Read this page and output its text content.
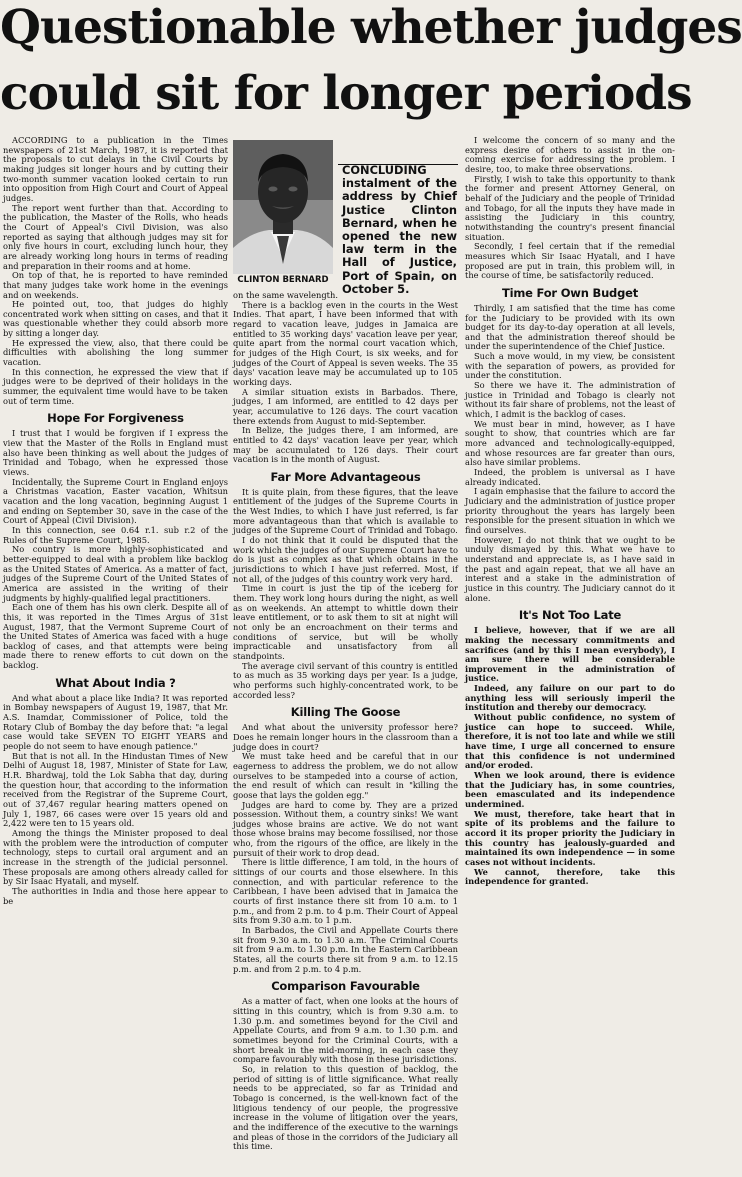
Questionable whether judges
could sit for longer periods

ACCORDING to a publication in the Times newspapers of 21st March, 1987, it is reported that the proposals to cut delays in the Civil Courts by making judges sit longer hours and by cutting their two-month summer vacation looked certain to run into opposition from High Court and Court of Appeal judges.

The report went further than that. According to the publication, the Master of the Rolls, who heads the Court of Appeal's Civil Division, was also reported as saying that although judges may sit for only five hours in court, excluding lunch hour, they are already working long hours in terms of reading and preparation in their rooms and at home.

On top of that, he is reported to have reminded that many judges take work home in the evenings and on weekends.

He pointed out, too, that judges do highly concentrated work when sitting on cases, and that it was questionable whether they could absorb more by sitting a longer day.

He expressed the view, also, that there could be difficulties with abolishing the long summer vacation.

In this connection, he expressed the view that if judges were to be deprived of their holidays in the summer, the equivalent time would have to be taken out of term time.

Hope For Forgiveness

I trust that I would be forgiven if I express the view that the Master of the Rolls in England must also have been thinking as well about the judges of Trinidad and Tobago, when he expressed those views.

Incidentally, the Supreme Court in England enjoys a Christmas vacation, Easter vacation, Whitsun vacation and the long vacation, beginning August 1 and ending on September 30, save in the case of the Court of Appeal (Civil Division).

In this connection, see 0.64 r.1. sub r.2 of the Rules of the Supreme Court, 1985.

No country is more highly-sophisticated and better-equipped to deal with a problem like backlog as the United States of America. As a matter of fact, judges of the Supreme Court of the United States of America are assisted in the writing of their judgments by highly-qualified legal practitioners.

Each one of them has his own clerk. Despite all of this, it was reported in the Times Argus of 31st August, 1987, that the Vermont Supreme Court of the United States of America was faced with a huge backlog of cases, and that attempts were being made there to renew efforts to cut down on the backlog.

What About India ?

And what about a place like India? It was reported in Bombay newspapers of August 19, 1987, that Mr. A.S. Inamdar, Commissioner of Police, told the Rotary Club of Bombay the day before that: "a legal case would take SEVEN TO EIGHT YEARS and people do not seem to have enough patience."

But that is not all. In the Hindustan Times of New Delhi of August 18, 1987, Minister of State for Law, H.R. Bhardwaj, told the Lok Sabha that day, during the question hour, that according to the information received from the Registrar of the Supreme Court, out of 37,467 regular hearing matters opened on July 1, 1987, 66 cases were over 15 years old and 2,422 were ten to 15 years old.

Among the things the Minister proposed to deal with the problem were the introduction of computer technology, steps to curtail oral argument and an increase in the strength of the judicial personnel. These proposals are among others already called for by Sir Isaac Hyatali, and myself.

The authorities in India and those here appear to be

CLINTON BERNARD
CONCLUDING instalment of the address by Chief Justice Clinton Bernard, when he opened the new law term in the Hall of Justice, Port of Spain, on October 5.

on the same wavelength.

There is a backlog even in the courts in the West Indies. That apart, I have been informed that with regard to vacation leave, judges in Jamaica are entitled to 35 working days' vacation leave per year, quite apart from the normal court vacation which, for judges of the High Court, is six weeks, and for judges of the Court of Appeal is seven weeks. The 35 days' vacation leave may be accumulated up to 105 working days.

A similar situation exists in Barbados. There, judges, I am informed, are entitled to 42 days per year, accumulative to 126 days. The court vacation there extends from August to mid-September.

In Belize, the judges there, I am informed, are entitled to 42 days' vacation leave per year, which may be accumulated to 126 days. Their court vacation is in the month of August.

Far More Advantageous

It is quite plain, from these figures, that the leave entitlement of the judges of the Supreme Courts in the West Indies, to which I have just referred, is far more advantageous than that which is available to judges of the Supreme Court of Trinidad and Tobago.

I do not think that it could be disputed that the work which the judges of our Supreme Court have to do is just as complex as that which obtains in the jurisdictions to which I have just referred. Most, if not all, of the judges of this country work very hard.

Time in court is just the tip of the iceberg for them. They work long hours during the night, as well as on weekends. An attempt to whittle down their leave entitlement, or to ask them to sit at night will not only be an encroachment on their terms and conditions of service, but will be wholly impracticable and unsatisfactory from all standpoints.

The average civil servant of this country is entitled to as much as 35 working days per year. Is a judge, who performs such highly-concentrated work, to be accorded less?

Killing The Goose

And what about the university professor here? Does he remain longer hours in the classroom than a judge does in court?

We must take heed and be careful that in our eagerness to address the problem, we do not allow ourselves to be stampeded into a course of action, the end result of which can result in "killing the goose that lays the golden egg."

Judges are hard to come by. They are a prized possession. Without them, a country sinks! We want judges whose brains are active. We do not want those whose brains may become fossilised, nor those who, from the rigours of the office, are likely in the pursuit of their work to drop dead.

There is little difference, I am told, in the hours of sittings of our courts and those elsewhere. In this connection, and with particular reference to the Caribbean, I have been advised that in Jamaica the courts of first instance there sit from 10 a.m. to 1 p.m., and from 2 p.m. to 4 p.m. Their Court of Appeal sits from 9.30 a.m. to 1 p.m.

In Barbados, the Civil and Appellate Courts there sit from 9.30 a.m. to 1.30 a.m. The Criminal Courts sit from 9 a.m. to 1.30 p.m. In the Eastern Caribbean States, all the courts there sit from 9 a.m. to 12.15 p.m. and from 2 p.m. to 4 p.m.

Comparison Favourable

As a matter of fact, when one looks at the hours of sitting in this country, which is from 9.30 a.m. to 1.30 p.m. and sometimes beyond for the Civil and Appellate Courts, and from 9 a.m. to 1.30 p.m. and sometimes beyond for the Criminal Courts, with a short break in the mid-morning, in each case they compare favourably with those in these jurisdictions.

So, in relation to this question of backlog, the period of sitting is of little significance. What really needs to be appreciated, so far as Trinidad and Tobago is concerned, is the well-known fact of the litigious tendency of our people, the progressive increase in the volume of litigation over the years, and the indifference of the executive to the warnings and pleas of those in the corridors of the Judiciary all this time.

I welcome the concern of so many and the express desire of others to assist in the on-coming exercise for addressing the problem. I desire, too, to make three observations.

Firstly, I wish to take this opportunity to thank the former and present Attorney General, on behalf of the Judiciary and the people of Trinidad and Tobago, for all the inputs they have made in assisting the Judiciary in this country, notwithstanding the country's present financial situation.

Secondly, I feel certain that if the remedial measures which Sir Isaac Hyatali, and I have proposed are put in train, this problem will, in the course of time, be satisfactorily reduced.

Time For Own Budget

Thirdly, I am satisfied that the time has come for the Judiciary to be provided with its own budget for its day-to-day operation at all levels, and that the administration thereof should be under the superintendence of the Chief Justice.

Such a move would, in my view, be consistent with the separation of powers, as provided for under the constitution.

So there we have it. The administration of justice in Trinidad and Tobago is clearly not without its fair share of problems, not the least of which, I admit is the backlog of cases.

We must bear in mind, however, as I have sought to show, that countries which are far more advanced and technologically-equipped, and whose resources are far greater than ours, also have similar problems.

Indeed, the problem is universal as I have already indicated.

I again emphasise that the failure to accord the Judiciary and the administration of justice proper priority throughout the years has largely been responsible for the present situation in which we find ourselves.

However, I do not think that we ought to be unduly dismayed by this. What we have to understand and appreciate is, as I have said in the past and again repeat, that we all have an interest and a stake in the administration of justice in this country. The Judiciary cannot do it alone.

It's Not Too Late

I believe, however, that if we are all making the necessary commitments and sacrifices (and by this I mean everybody), I am sure there will be considerable improvement in the administration of justice.

Indeed, any failure on our part to do anything less will seriously imperil the institution and thereby our democracy.

Without public confidence, no system of justice can hope to succeed. While, therefore, it is not too late and while we still have time, I urge all concerned to ensure that this confidence is not undermined and/or eroded.

When we look around, there is evidence that the Judiciary has, in some countries, been emasculated and its independence undermined.

We must, therefore, take heart that in spite of its problems and the failure to accord it its proper priority the Judiciary in this country has jealously-guarded and maintained its own independence — in some cases not without incidents.

We cannot, therefore, take this independence for granted.
